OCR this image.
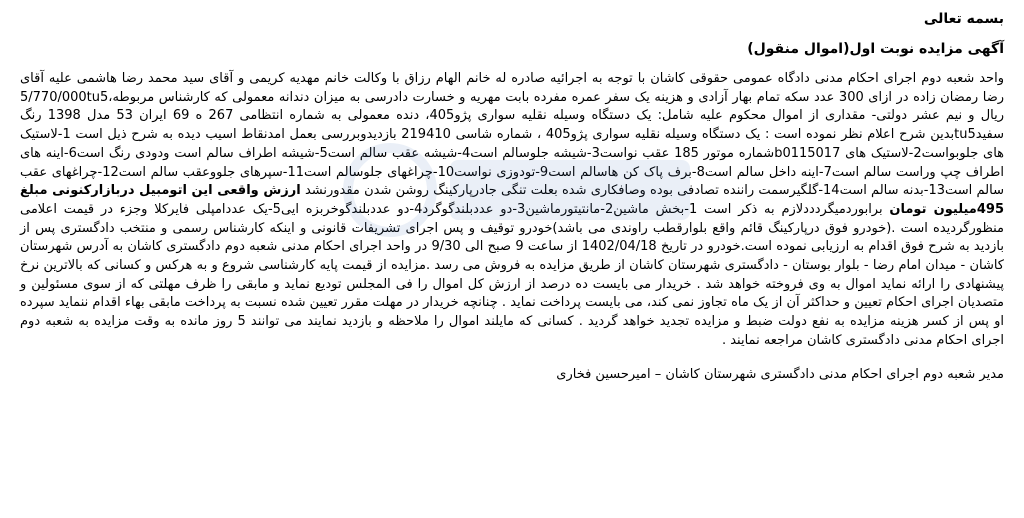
بسمه تعالی

آگهی مزایده نوبت اول(اموال منقول)

واحد شعبه دوم اجرای احکام مدنی دادگاه عمومی حقوقی کاشان با توجه به اجرائیه صادره له خانم الهام رزاق با وکالت خانم مهدیه کریمی و آقای سید محمد رضا هاشمی علیه آقای رضا رمضان زاده در ازای 300 عدد سکه تمام بهار آزادی و هزینه یک سفر عمره مفرده بابت مهریه و خسارت دادرسی به میزان دندانه معمولی که کارشناس مربوطه،5/770/000tu5 ریال و نیم عشر دولتی- مقداری از اموال محکوم علیه شامل: یک دستگاه وسیله نقلیه سواری پژو405، دنده معمولی به شماره انتظامی 267 ه 69 ایران 53 مدل 1398 رنگ سفیدtu5بدین شرح اعلام نظر نموده است : یک دستگاه وسیله نقلیه سواری پژو405 ، شماره شاسی 219410 بازدیدوبررسی بعمل امدنقاط اسیب دیده به شرح ذیل است 1-لاستیک های جلوبواست2-لاستیک های b0115017شماره موتور 185 عقب نواست3-شیشه جلوسالم است4-شیشه عقب سالم است5-شیشه اطراف سالم است ودودی رنگ است6-اینه های اطراف چپ وراست سالم است7-اینه داخل سالم است8-برف پاک کن هاسالم است9-تودوزی نواست10-چراغهای جلوسالم است11-سپرهای جلووعقب سالم است12-چراغهای عقب سالم است13-بدنه سالم است14-گلگیرسمت راننده تصادفی بوده وصافکاری شده بعلت تنگی جادرپارکینگ روشن شدن مقدورنشد ارزش واقعی این اتومبیل دربازارکنونی مبلغ 495میلیون تومان برابوردمیگردددلازم به ذکر است 1-بخش ماشین2-مانتیتورماشین3-دو عددبلندگوگرد4-دو عددبلندگوخربزه ایی5-یک عددامپلی فایرکلا وجزء در قیمت اعلامی منظورگردیده است .(خودرو فوق درپارکینگ قائم واقع بلوارقطب راوندی می باشد)خودرو توقیف و پس اجرای تشریفات قانونی و اینکه کارشناس رسمی و منتخب دادگستری پس از بازدید به شرح فوق اقدام به ارزیابی نموده است.خودرو در تاریخ 1402/04/18 از ساعت 9 صبح الی 9/30 در واحد اجرای احکام مدنی شعبه دوم دادگستری کاشان به آدرس شهرستان کاشان - میدان امام رضا - بلوار بوستان - دادگستری شهرستان کاشان از طریق مزایده به فروش می رسد .مزایده از قیمت پایه کارشناسی شروع و به هرکس و کسانی که بالاترین نرخ پیشنهادی را ارائه نماید اموال به وی فروخته خواهد شد . خریدار می بایست ده درصد از ارزش کل اموال را فی المجلس تودیع نماید و مابقی را ظرف مهلتی که از سوی مسئولین و متصدیان اجرای احکام تعیین و حداکثر آن از یک ماه تجاوز نمی کند، می بایست پرداخت نماید . چنانچه خریدار در مهلت مقرر تعیین شده نسبت به پرداخت مابقی بهاء اقدام ننماید سپرده او پس از کسر هزینه مزایده به نفع دولت ضبط و مزایده تجدید خواهد گردید . کسانی که مایلند اموال را ملاحظه و بازدید نمایند می توانند 5 روز مانده به وقت مزایده به شعبه دوم اجرای احکام مدنی دادگستری کاشان مراجعه نمایند .

مدیر شعبه دوم اجرای احکام مدنی دادگستری شهرستان کاشان – امیرحسین فخاری
